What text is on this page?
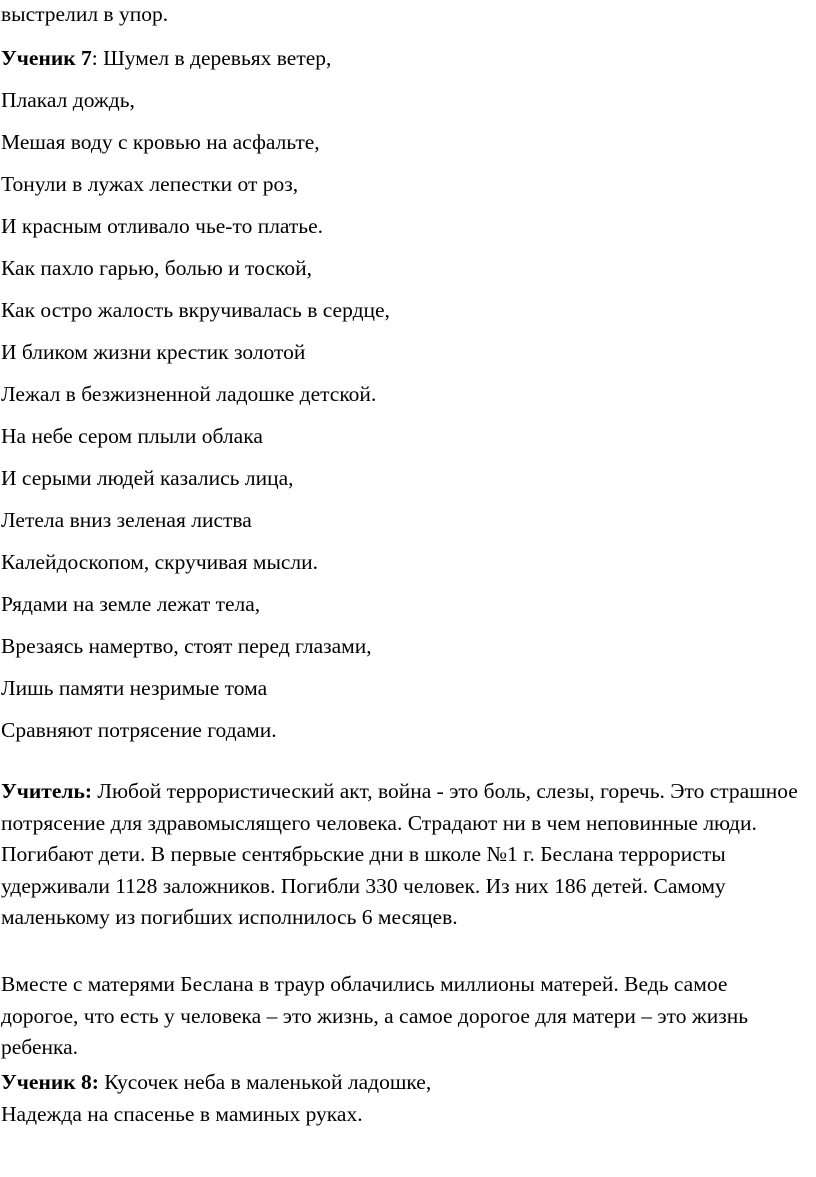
выстрелил в упор.
Ученик 7: Шумел в деревьях ветер,
Плакал дождь,
Мешая воду с кровью на асфальте,
Тонули в лужах лепестки от роз,
И красным отливало чье-то платье.
Как пахло гарью, болью и тоской,
Как остро жалость вкручивалась в сердце,
И бликом жизни крестик золотой
Лежал в безжизненной ладошке детской.
На небе сером плыли облака
И серыми людей казались лица,
Летела вниз зеленая листва
Калейдоскопом, скручивая мысли.
Рядами на земле лежат тела,
Врезаясь намертво, стоят перед глазами,
Лишь памяти незримые тома
Сравняют потрясение годами.

Учитель: Любой террористический акт, война - это боль, слезы, горечь. Это страшное потрясение для здравомыслящего человека. Страдают ни в чем неповинные люди. Погибают дети. В первые сентябрьские дни в школе №1 г. Беслана террористы удерживали 1128 заложников. Погибли 330 человек. Из них 186 детей. Самому маленькому из погибших исполнилось 6 месяцев.

Вместе с матерями Беслана в траур облачились миллионы матерей. Ведь самое дорогое, что есть у человека – это жизнь, а самое дорогое для матери – это жизнь ребенка.

Ученик 8: Кусочек неба в маленькой ладошке,
Надежда на спасенье в маминых руках.
